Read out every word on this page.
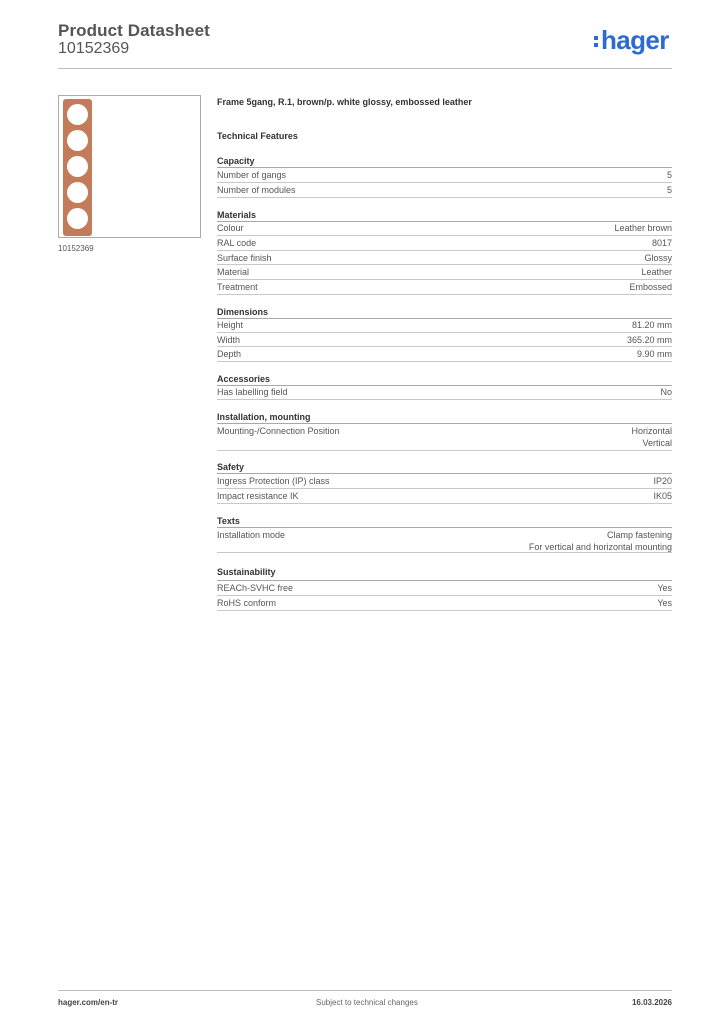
Product Datasheet
10152369	hager
10152369
Frame 5gang, R.1, brown/p. white glossy, embossed leather
Technical Features
Capacity
Number of gangs	5
Number of modules	5
Materials
Colour	Leather brown
RAL code	8017
Surface finish	Glossy
Material	Leather
Treatment	Embossed
Dimensions
Height	81.20 mm
Width	365.20 mm
Depth	9.90 mm
Accessories
Has labelling field	No
Installation, mounting
Mounting-/Connection Position	Horizontal
Vertical
Safety
Ingress Protection (IP) class	IP20
Impact resistance IK	IK05
Texts
Installation mode	Clamp fastening
For vertical and horizontal mounting
Sustainability
REACh-SVHC free	Yes
RoHS conform	Yes
hager.com/en-tr	Subject to technical changes	16.03.2026
